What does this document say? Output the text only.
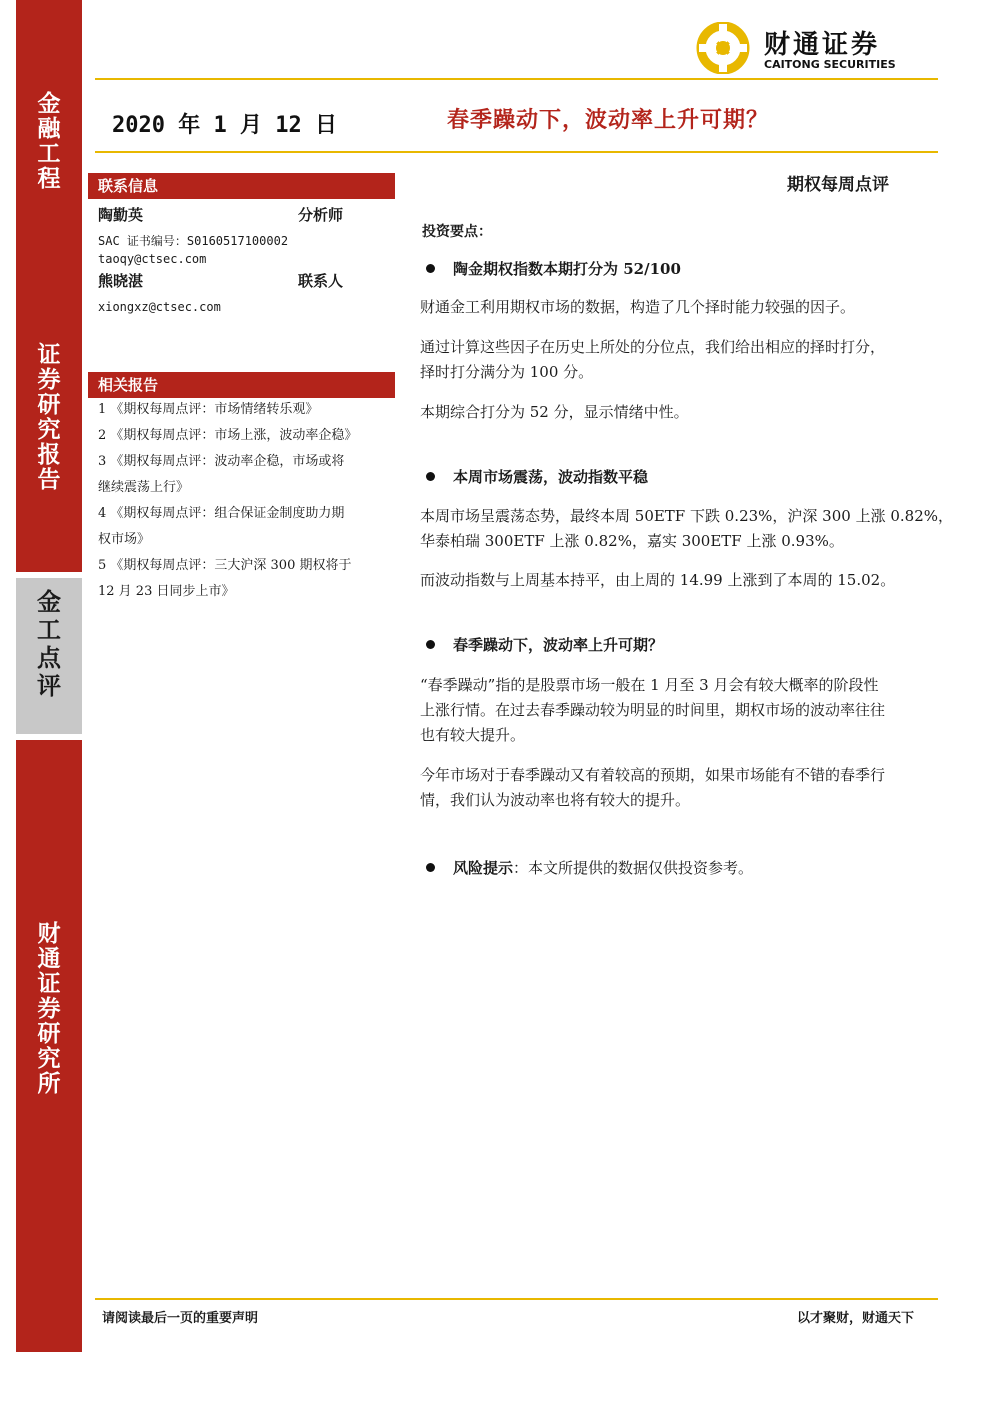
金
融
工
程
证
券
研
究
报
告
金
工
点
评
财
通
证
券
研
究
所
财通证券
CAITONG SECURITIES
2020 年 1 月 12 日	春季躁动下，波动率上升可期？
联系信息
陶勤英	分析师
SAC 证书编号：S0160517100002
taoqy@ctsec.com
熊晓湛	联系人
xiongxz@ctsec.com
相关报告
1 《期权每周点评：市场情绪转乐观》
2 《期权每周点评：市场上涨，波动率企稳》
3 《期权每周点评：波动率企稳，市场或将
继续震荡上行》
4 《期权每周点评：组合保证金制度助力期
权市场》
5 《期权每周点评：三大沪深 300 期权将于
12 月 23 日同步上市》
期权每周点评
投资要点：
陶金期权指数本期打分为 52/100
财通金工利用期权市场的数据，构造了几个择时能力较强的因子。
通过计算这些因子在历史上所处的分位点，我们给出相应的择时打分，
择时打分满分为 100 分。
本期综合打分为 52 分，显示情绪中性。
本周市场震荡，波动指数平稳
本周市场呈震荡态势，最终本周 50ETF 下跌 0.23%，沪深 300 上涨 0.82%，
华泰柏瑞 300ETF 上涨 0.82%，嘉实 300ETF 上涨 0.93%。
而波动指数与上周基本持平，由上周的 14.99 上涨到了本周的 15.02。
春季躁动下，波动率上升可期？
“春季躁动”指的是股票市场一般在 1 月至 3 月会有较大概率的阶段性
上涨行情。在过去春季躁动较为明显的时间里，期权市场的波动率往往
也有较大提升。
今年市场对于春季躁动又有着较高的预期，如果市场能有不错的春季行
情，我们认为波动率也将有较大的提升。
风险提示：本文所提供的数据仅供投资参考。
请阅读最后一页的重要声明	以才聚财，财通天下
